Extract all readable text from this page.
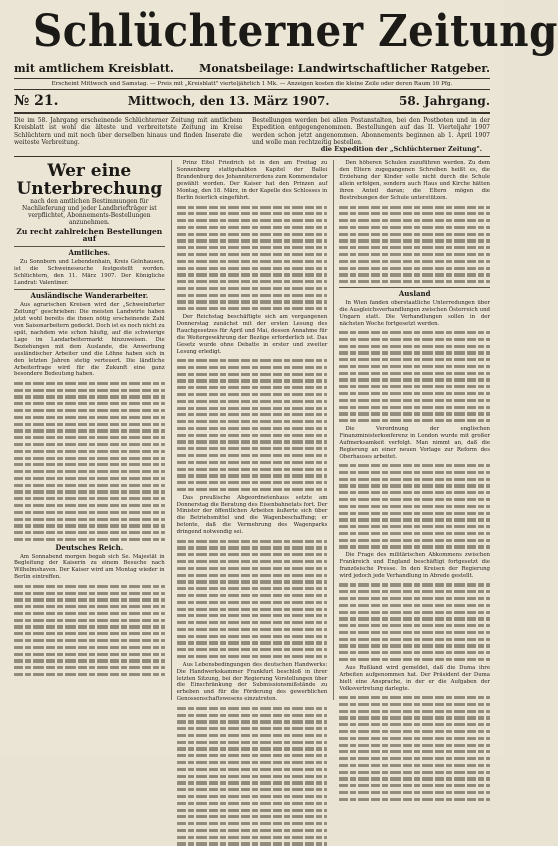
Schlüchterner Zeitung
mit amtlichem Kreisblatt. Monatsbeilage: Landwirtschaftlicher Ratgeber.
Erscheint Mittwoch und Samstag. — Preis mit „Kreisblatt" vierteljährlich 1 Mk. — Anzeigen kosten die kleine Zeile oder deren Raum 10 Pfg.
№ 21.	Mittwoch, den 13. März 1907.	58. Jahrgang.
Die im 58. Jahrgang erscheinende Schlüchterner Zeitung mit amtlichem Kreisblatt ist wohl die älteste und verbreitetste Zeitung im Kreise Schlüchtern und mit noch über derselben hinaus und finden Inserate die weiteste Verbreitung.
Bestellungen werden bei allen Postanstalten, bei den Postboten und in der Expedition entgegengenommen. Bestellungen auf das II. Vierteljahr 1907 werden schon jetzt angenommen. Abonnements beginnen ab 1. April 1907 und wolle man rechtzeitig bestellen.
die Expedition der „Schlüchterner Zeitung".
Wer eine Unterbrechung
nach den amtlichen Bestimmungen für Nachlieferung und jeder Landbriefträger ist verpflichtet, Abonnements-Bestellungen anzunehmen.
Zu recht zahlreichen Bestellungen auf
Amtliches.

Zu Sonnborn und Lebendenhain, Kreis Gelnhausen, ist die Schweineseuche festgestellt worden. Schlüchtern, den 11. März 1907. Der Königliche Landrat: Valentiner.

Ausländische Wanderarbeiter.

Aus agrarischen Kreisen wird der „Schweinfurter Zeitung" geschrieben: Die meisten Landwirte haben jetzt wohl bereits die ihnen nötig erscheinende Zahl von Saisonarbeitern gedeckt. Doch ist es noch nicht zu spät, nachdem wie schon häufig, auf die schwierige Lage im Landarbeitermarkt hinzuweisen. Die Beziehungen mit dem Auslande, die Anwerbung ausländischer Arbeiter und die Löhne haben sich in den letzten Jahren stetig verteuert. Die ländliche Arbeiterfrage wird für die Zukunft eine ganz besondere Bedeutung haben.

Deutsches Reich.

Am Sonnabend morgen begab sich Se. Majestät in Begleitung der Kaiserin zu einem Besuche nach Wilhelmshaven. Der Kaiser wird am Montag wieder in Berlin eintreffen.

Prinz Eitel Friedrich ist in den am Freitag zu Sonnenberg stattgehabten Kapitel der Ballei Brandenburg des Johanniterordens zum Kommendator gewählt worden. Der Kaiser hat den Prinzen auf Montag, den 18. März, in der Kapelle des Schlosses in Berlin feierlich eingeführt.

Der Reichstag beschäftigte sich am vergangenen Donnerstag zunächst mit der ersten Lesung des Rauchgesetzes für April und Mai, dessen Annahme für die Weitergewährung der Bezüge erforderlich ist. Das Gesetz wurde ohne Debatte in erster und zweiter Lesung erledigt.

Das preußische Abgeordnetenhaus setzte am Donnerstag die Beratung des Eisenbahnetats fort. Der Minister der öffentlichen Arbeiten äußerte sich über die Betriebsmittel und die Wagenbeschaffung; er betonte, daß die Vermehrung des Wagenparks dringend notwendig sei.

Aus Lebensbedingungen des deutschen Handwerks: Die Handwerkskammer Frankfurt beschloß in ihrer letzten Sitzung, bei der Regierung Vorstellungen über die Einschränkung der Submissionsmißstände zu erheben und für die Förderung des gewerblichen Genossenschaftswesens einzutreten.

Den höheren Schulen zuzuführen werden. Zu dem den Eltern zugegangenen Schreiben heißt es, die Erziehung der Kinder solle nicht durch die Schule allein erfolgen, sondern auch Haus und Kirche hätten ihren Anteil daran; die Eltern mögen die Bestrebungen der Schule unterstützen.

Ausland

In Wien fanden oberstaatliche Unterredungen über die Ausgleichsverhandlungen zwischen Österreich und Ungarn statt. Die Verhandlungen sollen in der nächsten Woche fortgesetzt werden.

Die Verordnung der englischen Finanzministerkonferenz in London wurde mit großer Aufmerksamkeit verfolgt. Man nimmt an, daß die Regierung an einer neuen Vorlage zur Reform des Oberhauses arbeitet.

Die Frage des militärischen Abkommens zwischen Frankreich und England beschäftigt fortgesetzt die französische Presse. In den Kreisen der Regierung wird jedoch jede Verhandlung in Abrede gestellt.

Aus Rußland wird gemeldet, daß die Duma ihre Arbeiten aufgenommen hat. Der Präsident der Duma hielt eine Ansprache, in der er die Aufgaben der Volksvertretung darlegte.
